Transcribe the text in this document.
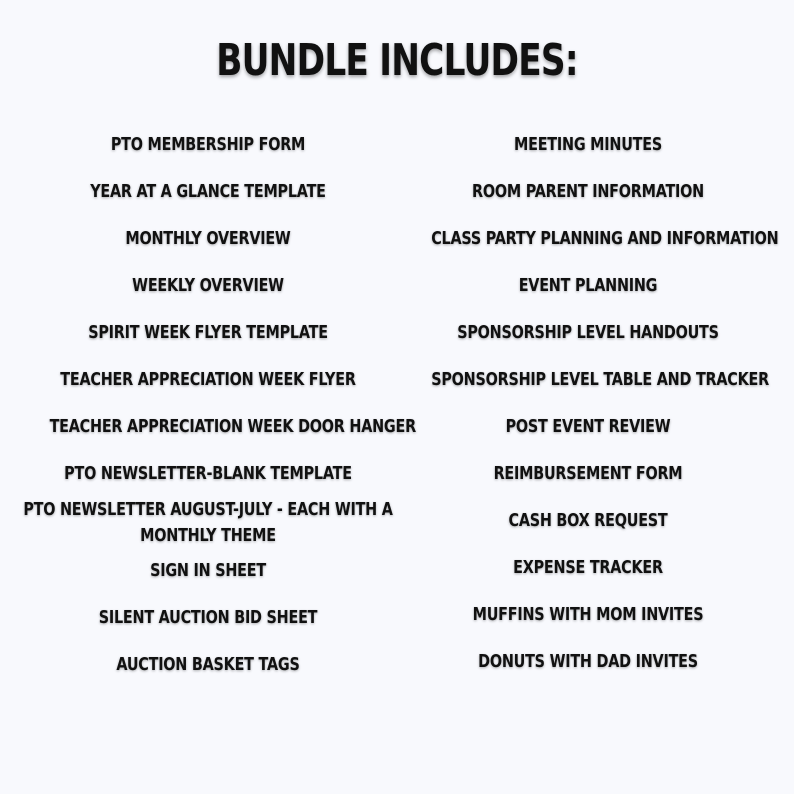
BUNDLE INCLUDES:
PTO MEMBERSHIP FORM
YEAR AT A GLANCE TEMPLATE
MONTHLY OVERVIEW
WEEKLY OVERVIEW
SPIRIT WEEK FLYER TEMPLATE
TEACHER APPRECIATION WEEK FLYER
TEACHER APPRECIATION WEEK DOOR HANGER
PTO NEWSLETTER-BLANK TEMPLATE
PTO NEWSLETTER AUGUST-JULY - EACH WITH A MONTHLY THEME
SIGN IN SHEET
SILENT AUCTION BID SHEET
AUCTION BASKET TAGS
MEETING MINUTES
ROOM PARENT INFORMATION
CLASS PARTY PLANNING AND INFORMATION
EVENT PLANNING
SPONSORSHIP LEVEL HANDOUTS
SPONSORSHIP LEVEL TABLE AND TRACKER
POST EVENT REVIEW
REIMBURSEMENT FORM
CASH BOX REQUEST
EXPENSE TRACKER
MUFFINS WITH MOM INVITES
DONUTS WITH DAD INVITES
